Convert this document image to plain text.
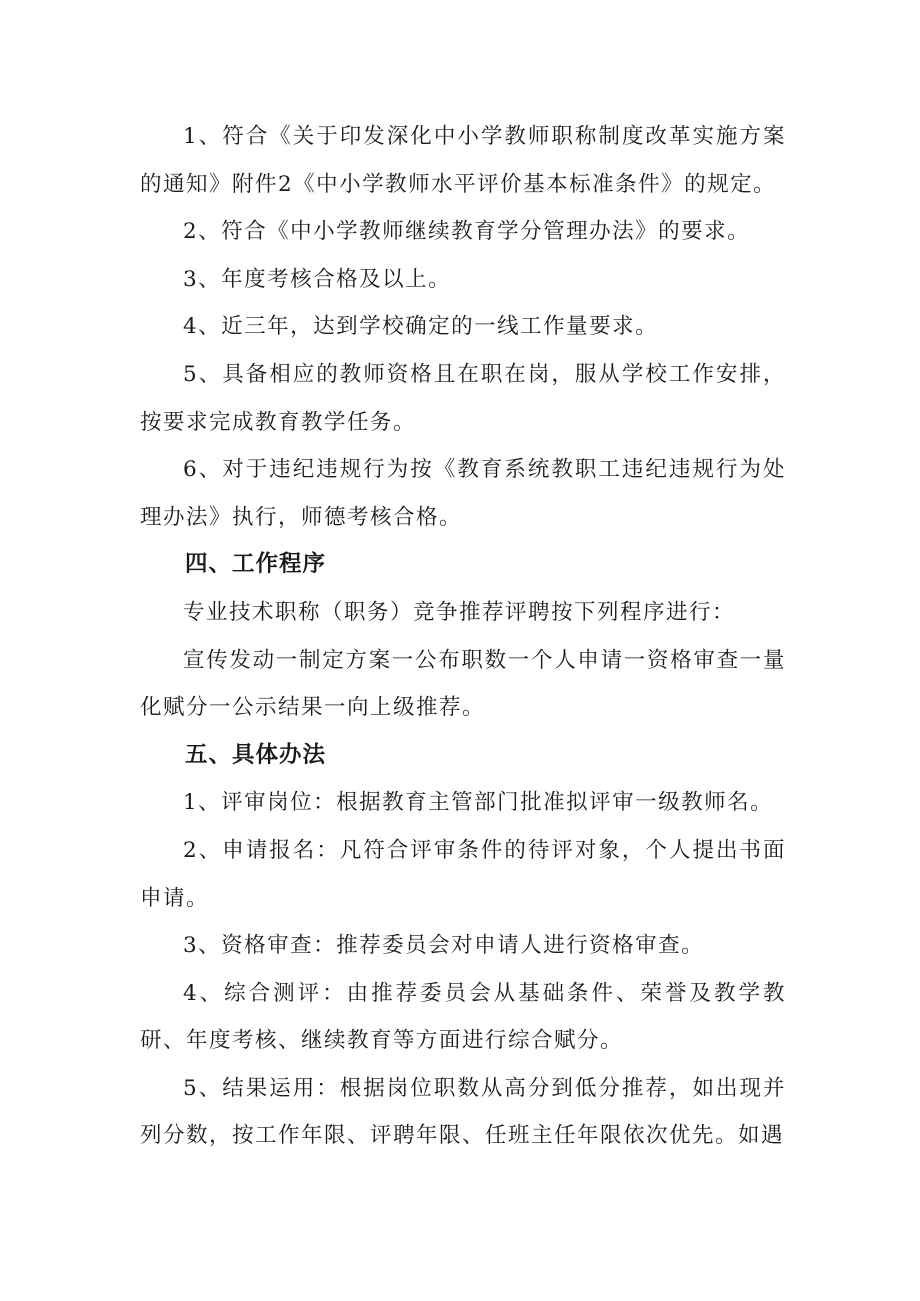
1、符合《关于印发深化中小学教师职称制度改革实施方案的通知》附件2《中小学教师水平评价基本标准条件》的规定。

2、符合《中小学教师继续教育学分管理办法》的要求。

3、年度考核合格及以上。

4、近三年，达到学校确定的一线工作量要求。

5、具备相应的教师资格且在职在岗，服从学校工作安排，按要求完成教育教学任务。

6、对于违纪违规行为按《教育系统教职工违纪违规行为处理办法》执行，师德考核合格。

四、工作程序

专业技术职称（职务）竞争推荐评聘按下列程序进行：

宣传发动一制定方案一公布职数一个人申请一资格审查一量化赋分一公示结果一向上级推荐。

五、具体办法

1、评审岗位：根据教育主管部门批准拟评审一级教师名。

2、申请报名：凡符合评审条件的待评对象，个人提出书面申请。

3、资格审查：推荐委员会对申请人进行资格审查。

4、综合测评：由推荐委员会从基础条件、荣誉及教学教研、年度考核、继续教育等方面进行综合赋分。

5、结果运用：根据岗位职数从高分到低分推荐，如出现并列分数，按工作年限、评聘年限、任班主任年限依次优先。如遇
